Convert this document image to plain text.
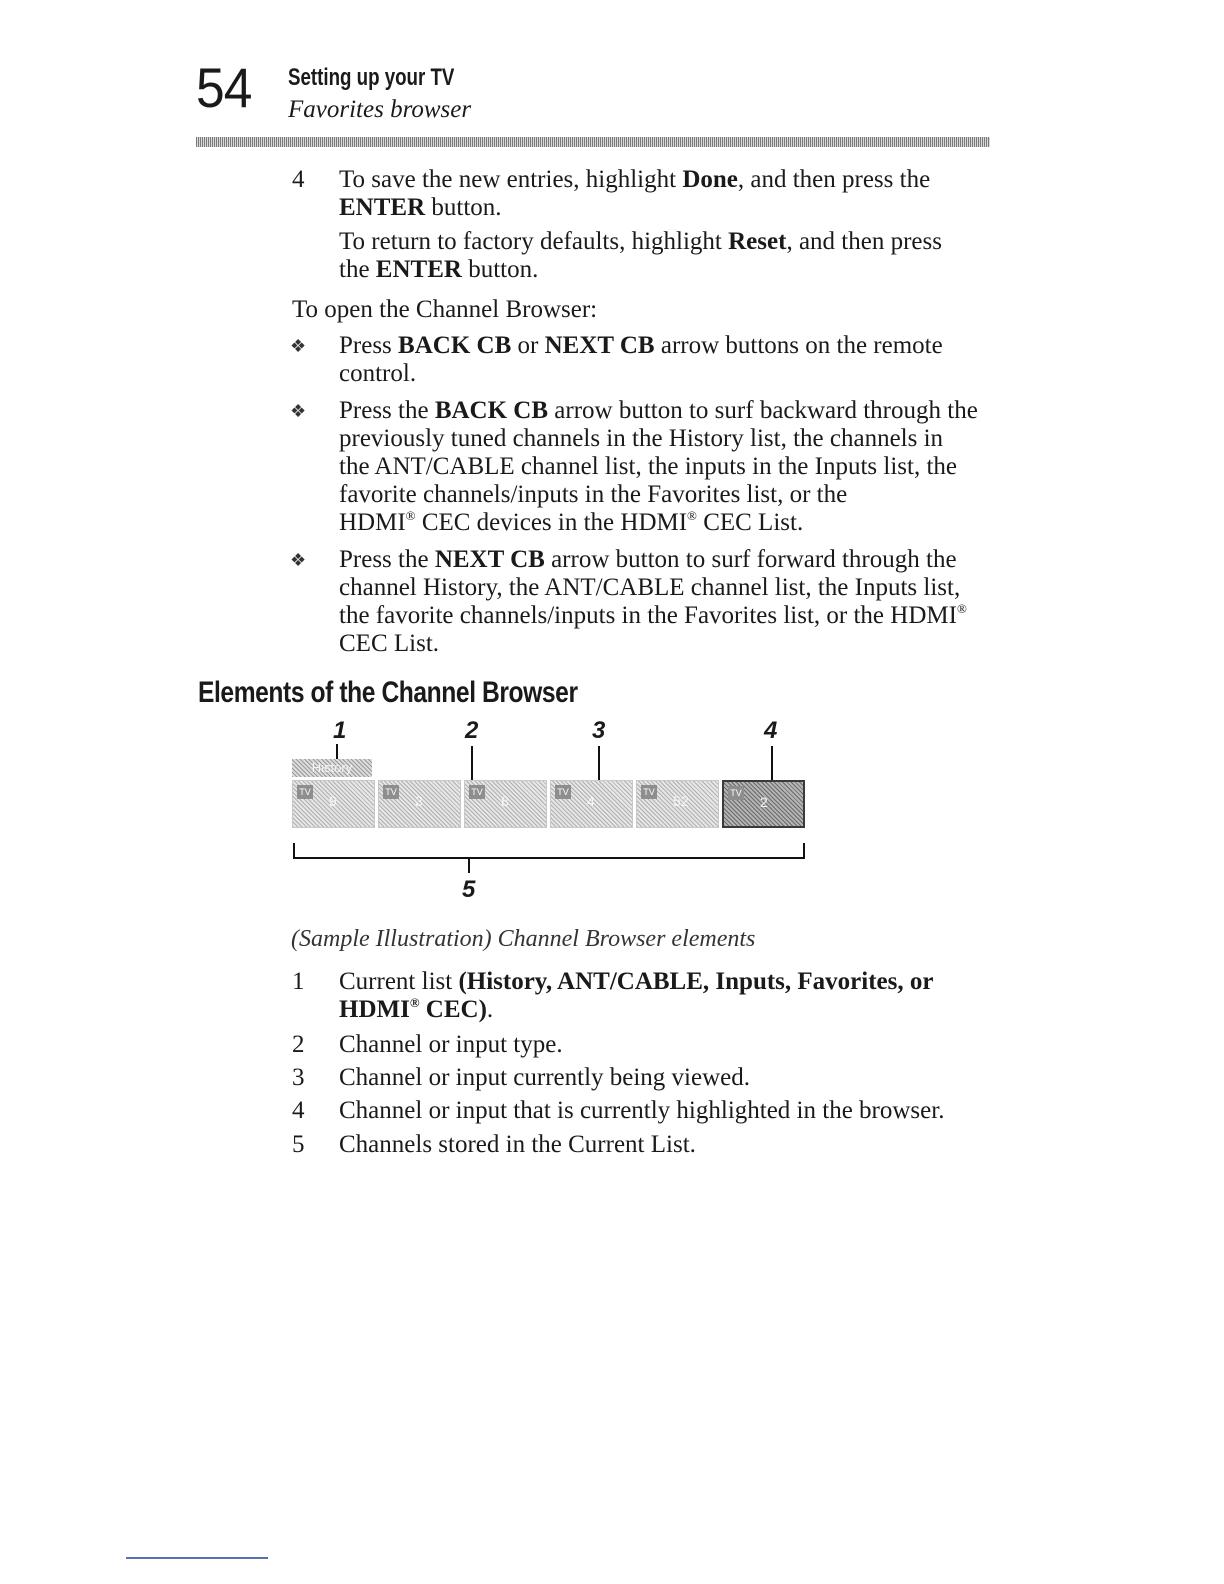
54 Setting up your TV
Favorites browser
4	To save the new entries, highlight Done, and then press the
ENTER button.
To return to factory defaults, highlight Reset, and then press
the ENTER button.
To open the Channel Browser:
❖ Press BACK CB or NEXT CB arrow buttons on the remote
control.
❖ Press the BACK CB arrow button to surf backward through the
previously tuned channels in the History list, the channels in
the ANT/CABLE channel list, the inputs in the Inputs list, the
favorite channels/inputs in the Favorites list, or the
HDMI® CEC devices in the HDMI® CEC List.
❖ Press the NEXT CB arrow button to surf forward through the
channel History, the ANT/CABLE channel list, the Inputs list,
the favorite channels/inputs in the Favorites list, or the HDMI®
CEC List.
Elements of the Channel Browser
1	2	3	4
5
History
TV
9
TV
3
TV
8
TV
4
TV
52	TV
2
(Sample Illustration) Channel Browser elements
1	Current list (History, ANT/CABLE, Inputs, Favorites, or
HDMI® CEC).
2	Channel or input type.
3	Channel or input currently being viewed.
4	Channel or input that is currently highlighted in the browser.
5	Channels stored in the Current List.
